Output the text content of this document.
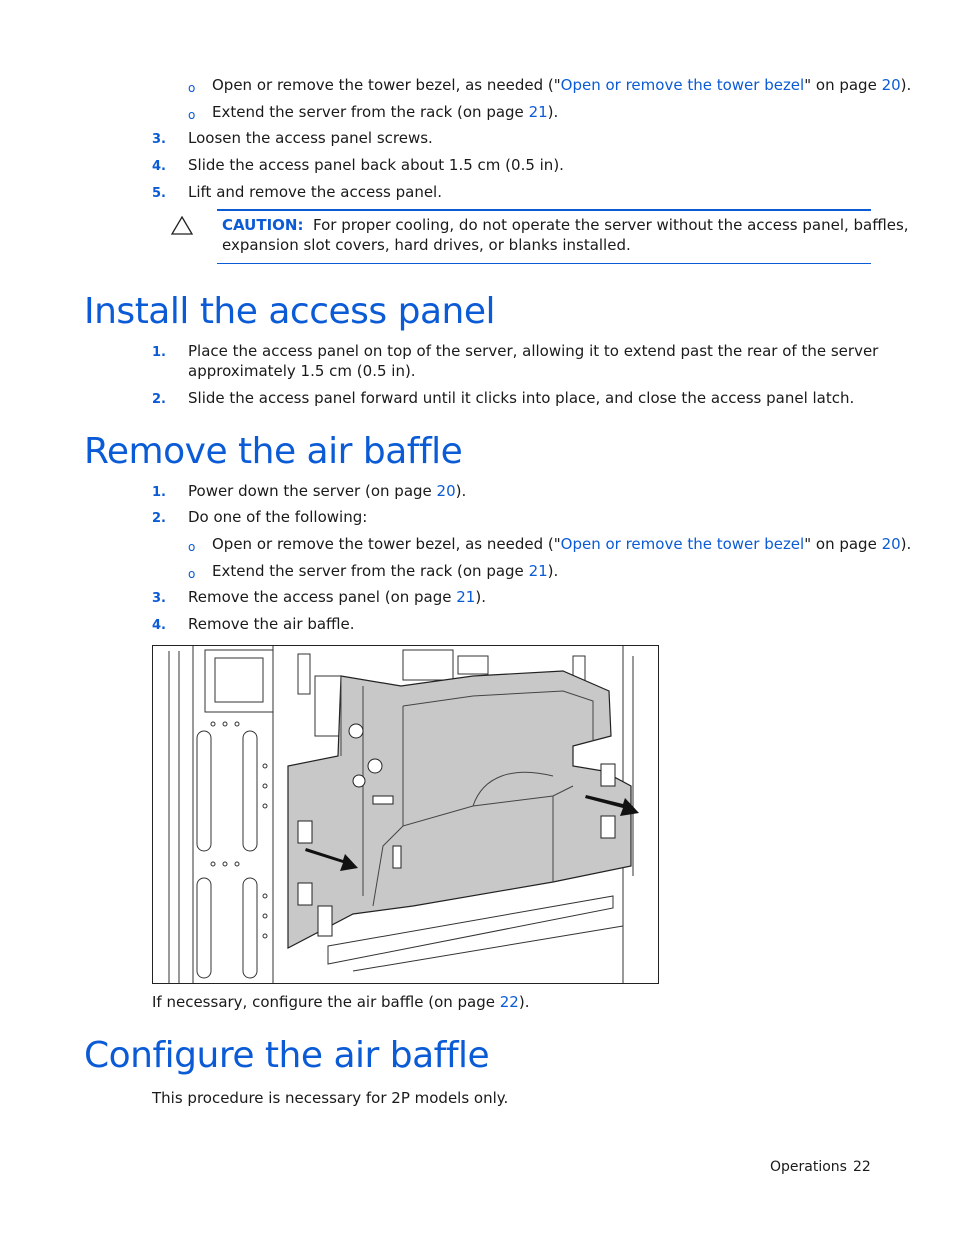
o Open or remove the tower bezel, as needed ("Open or remove the tower bezel" on page 20).
o Extend the server from the rack (on page 21).
3. Loosen the access panel screws.
4. Slide the access panel back about 1.5 cm (0.5 in).
5. Lift and remove the access panel.
CAUTION: For proper cooling, do not operate the server without the access panel, baffles,
expansion slot covers, hard drives, or blanks installed.
Install the access panel
1. Place the access panel on top of the server, allowing it to extend past the rear of the server
approximately 1.5 cm (0.5 in).
2. Slide the access panel forward until it clicks into place, and close the access panel latch.
Remove the air baffle
1. Power down the server (on page 20).
2. Do one of the following:
o Open or remove the tower bezel, as needed ("Open or remove the tower bezel" on page 20).
o Extend the server from the rack (on page 21).
3. Remove the access panel (on page 21).
4. Remove the air baffle.
If necessary, configure the air baffle (on page 22).
Configure the air baffle
This procedure is necessary for 2P models only.
Operations 22
